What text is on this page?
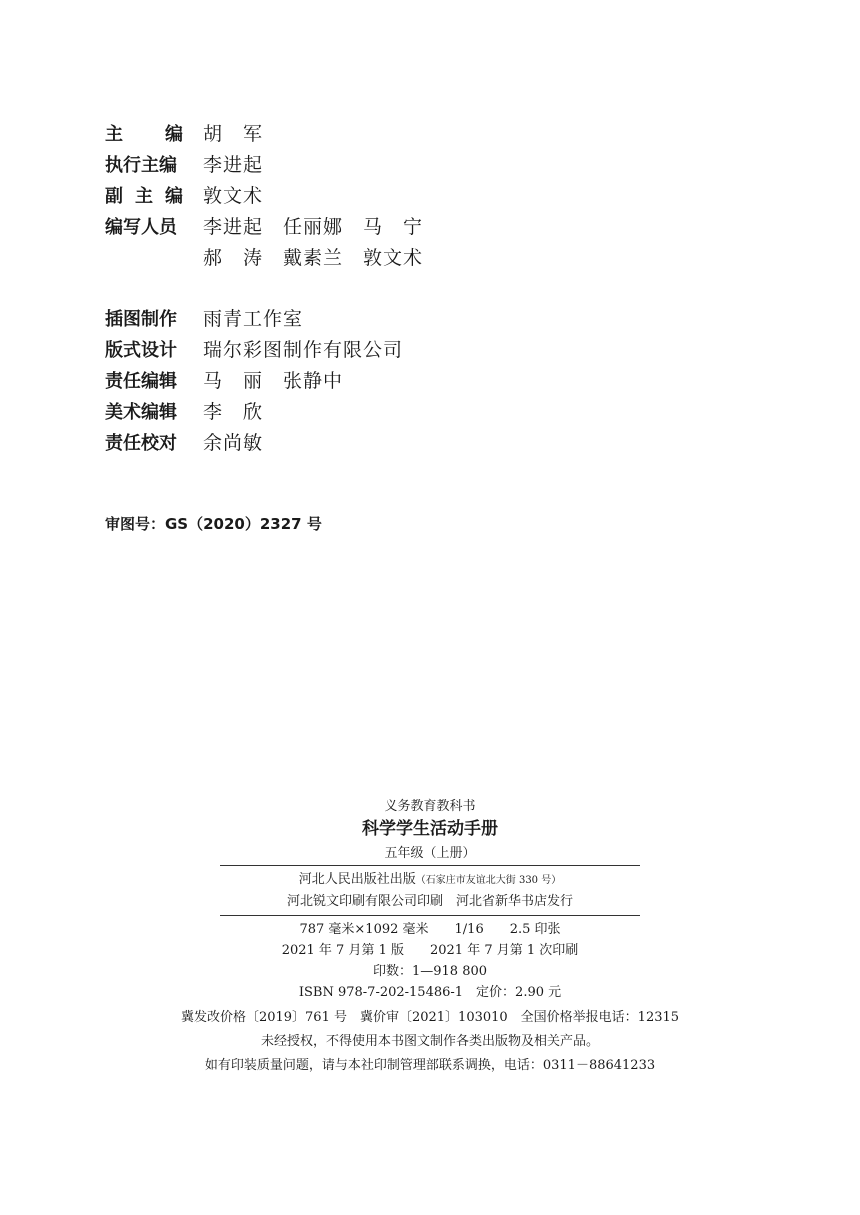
主 编 胡　军
执行主编	李进起
副 主 编 敦文术
编写人员	李进起　任丽娜　马　宁
郝　涛　戴素兰　敦文术
插图制作	雨青工作室
版式设计	瑞尔彩图制作有限公司
责任编辑	马　丽　张静中
美术编辑	李　欣
责任校对	余尚敏
审图号：GS（2020）2327 号
义务教育教科书
科学学生活动手册
五年级（上册）
河北人民出版社出版（石家庄市友谊北大街 330 号）
河北锐文印刷有限公司印刷　河北省新华书店发行
787 毫米×1092 毫米　　1/16　　2.5 印张
2021 年 7 月第 1 版　　2021 年 7 月第 1 次印刷
印数：1—918 800
ISBN 978-7-202-15486-1　定价：2.90 元
冀发改价格〔2019〕761 号　冀价审〔2021〕103010　全国价格举报电话：12315
未经授权，不得使用本书图文制作各类出版物及相关产品。
如有印装质量问题，请与本社印制管理部联系调换，电话：0311－88641233
